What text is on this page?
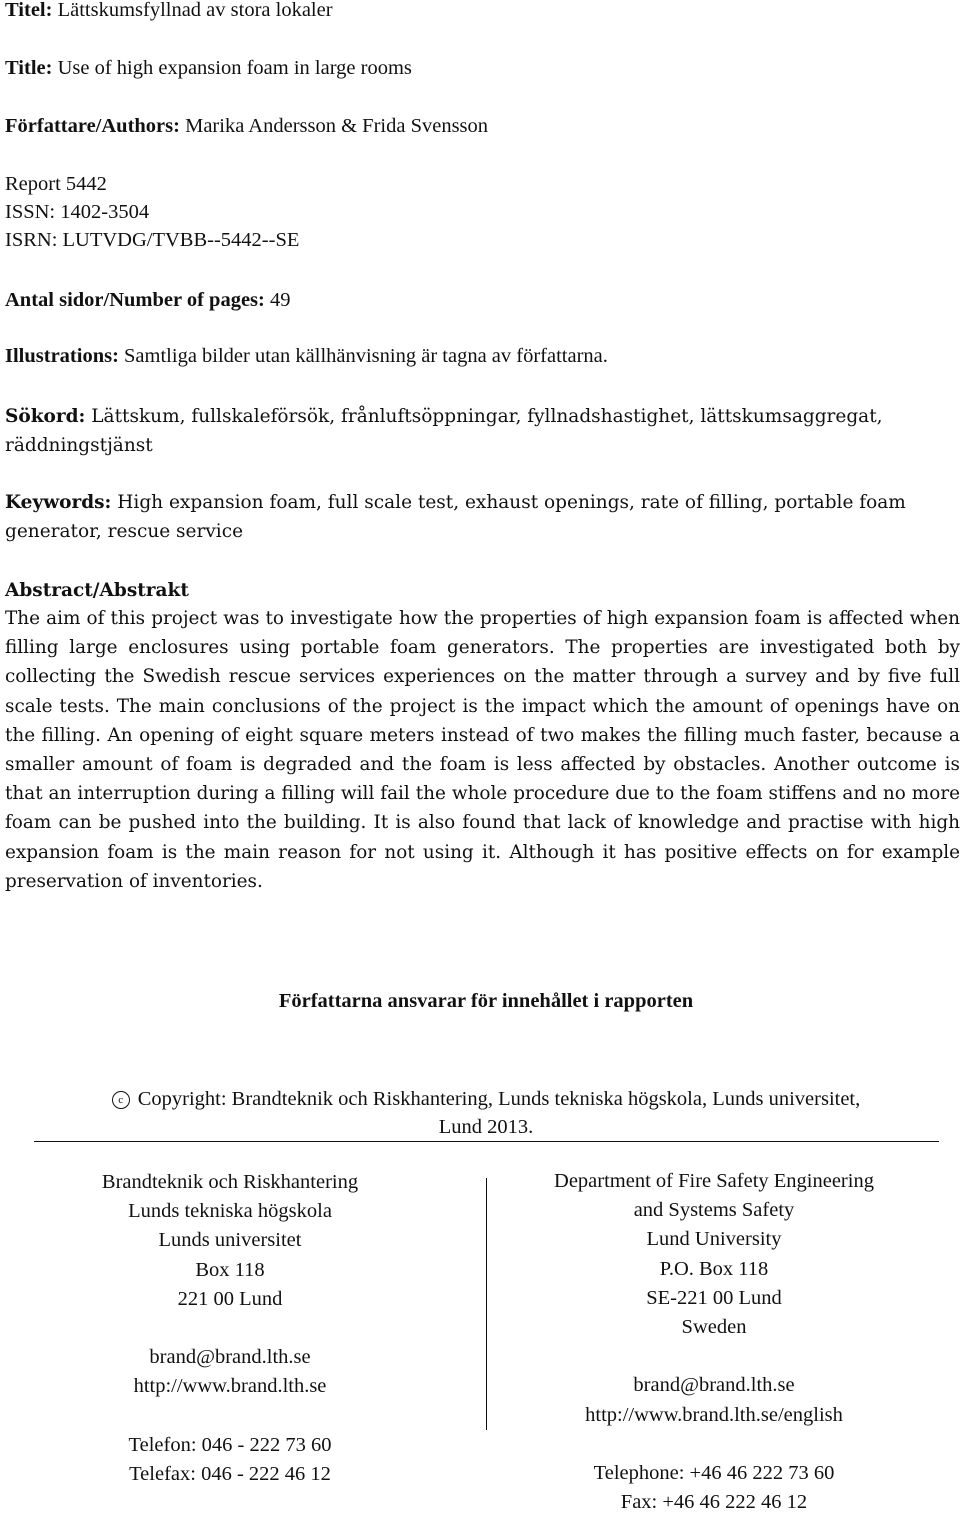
Titel: Lättskumsfyllnad av stora lokaler
Title: Use of high expansion foam in large rooms
Författare/Authors: Marika Andersson & Frida Svensson
Report 5442
ISSN: 1402-3504
ISRN: LUTVDG/TVBB--5442--SE
Antal sidor/Number of pages: 49
Illustrations: Samtliga bilder utan källhänvisning är tagna av författarna.
Sökord: Lättskum, fullskaleförsök, frånluftsöppningar, fyllnadshastighet, lättskumsaggregat,
räddningstjänst
Keywords: High expansion foam, full scale test, exhaust openings, rate of filling, portable foam
generator, rescue service
Abstract/Abstrakt
The aim of this project was to investigate how the properties of high expansion foam is affected when filling large enclosures using portable foam generators. The properties are investigated both by collecting the Swedish rescue services experiences on the matter through a survey and by five full scale tests. The main conclusions of the project is the impact which the amount of openings have on the filling. An opening of eight square meters instead of two makes the filling much faster, because a smaller amount of foam is degraded and the foam is less affected by obstacles. Another outcome is that an interruption during a filling will fail the whole procedure due to the foam stiffens and no more foam can be pushed into the building. It is also found that lack of knowledge and practise with high expansion foam is the main reason for not using it. Although it has positive effects on for example preservation of inventories.
Författarna ansvarar för innehållet i rapporten
c Copyright: Brandteknik och Riskhantering, Lunds tekniska högskola, Lunds universitet,
Lund 2013.
Brandteknik och Riskhantering
Lunds tekniska högskola
Lunds universitet
Box 118
221 00 Lund
brand@brand.lth.se
http://www.brand.lth.se
Telefon: 046 - 222 73 60
Telefax: 046 - 222 46 12
Department of Fire Safety Engineering
and Systems Safety
Lund University
P.O. Box 118
SE-221 00 Lund
Sweden
brand@brand.lth.se
http://www.brand.lth.se/english
Telephone: +46 46 222 73 60
Fax: +46 46 222 46 12
